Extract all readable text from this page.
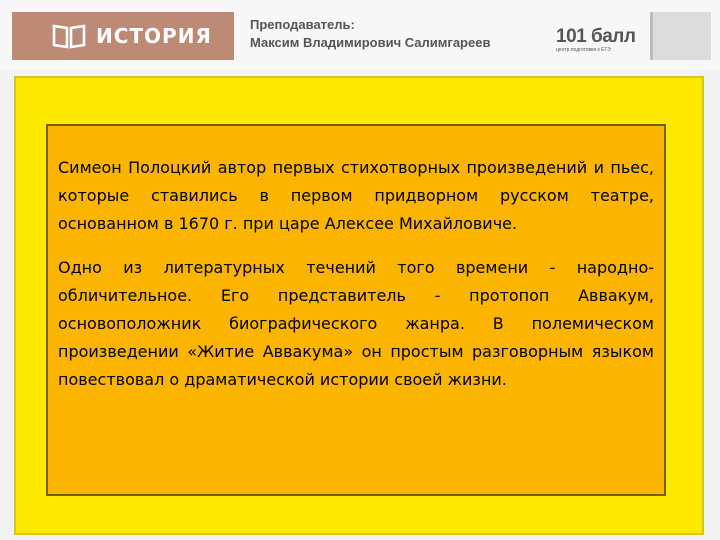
ИСТОРИЯ	Преподаватель:
Максим Владимирович Салимгареев	101 балл
центр подготовки к ЕГЭ

Симеон Полоцкий автор первых стихотворных произведений и пьес, которые ставились в первом придворном русском театре, основанном в 1670 г. при царе Алексее Михайловиче.

Одно из литературных течений того времени - народно-обличительное. Его представитель - протопоп Аввакум, основоположник биографического жанра. В полемическом произведении «Житие Аввакума» он простым разговорным языком повествовал о драматической истории своей жизни.
